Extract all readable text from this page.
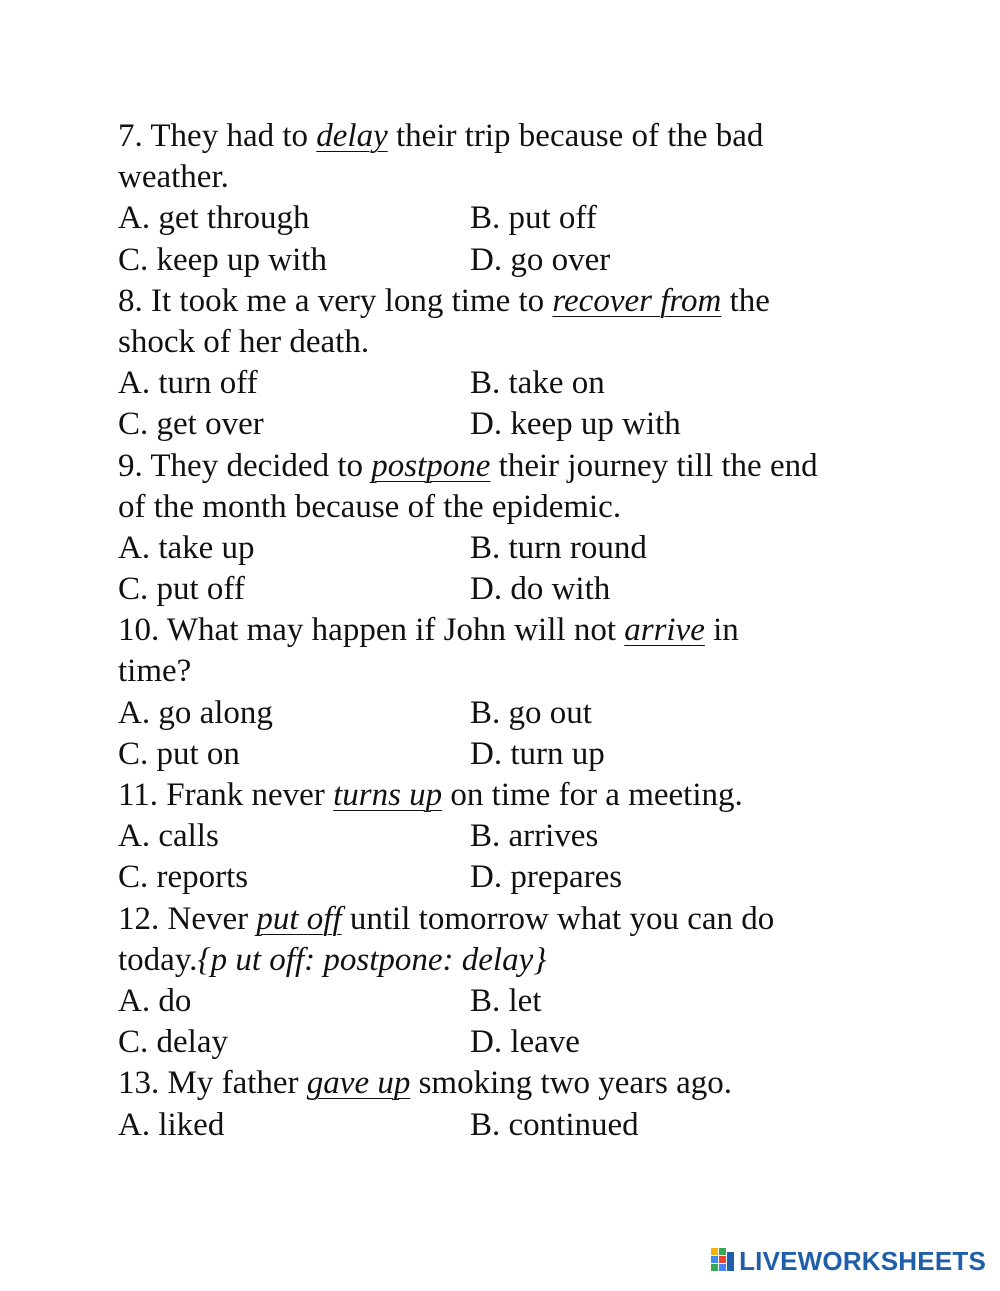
7. They had to delay their trip because of the bad
weather.
A. get through	B. put off
C. keep up with	D. go over
8. It took me a very long time to recover from the
shock of her death.
A. turn off	B. take on
C. get over	D. keep up with
9. They decided to postpone their journey till the end
of the month because of the epidemic.
A. take up	B. turn round
C. put off	D. do with
10. What may happen if John will not arrive in
time?
A. go along	B. go out
C. put on	D. turn up
11. Frank never turns up on time for a meeting.
A. calls	B. arrives
C. reports	D. prepares
12. Never put off until tomorrow what you can do
today.{p ut off: postpone: delay}
A. do	B. let
C. delay	D. leave
13. My father gave up smoking two years ago.
A. liked	B. continued
LIVEWORKSHEETS
